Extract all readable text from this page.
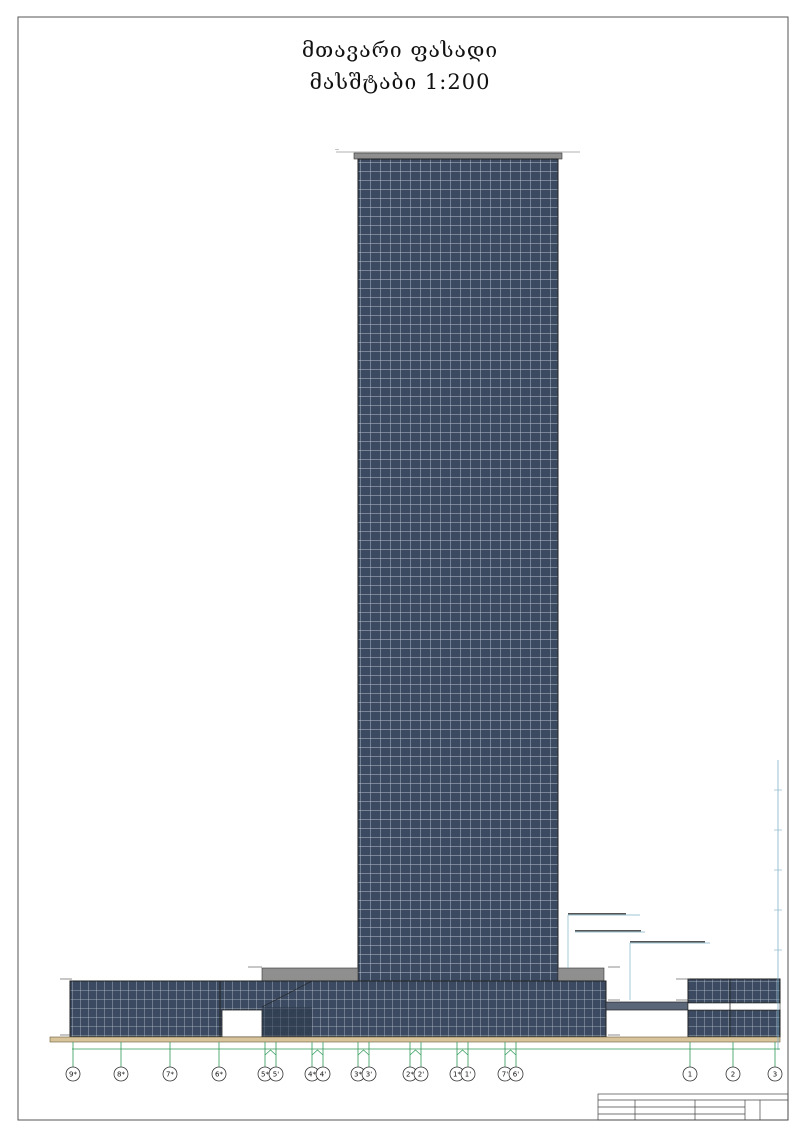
მთავარი ფასადი
მასშტაბი 1:200
—
9*	8*	7*	6*	5* 5'	4* 4'	3* 3'	2* 2'	1* 1'	7' 6'	1	2	3
